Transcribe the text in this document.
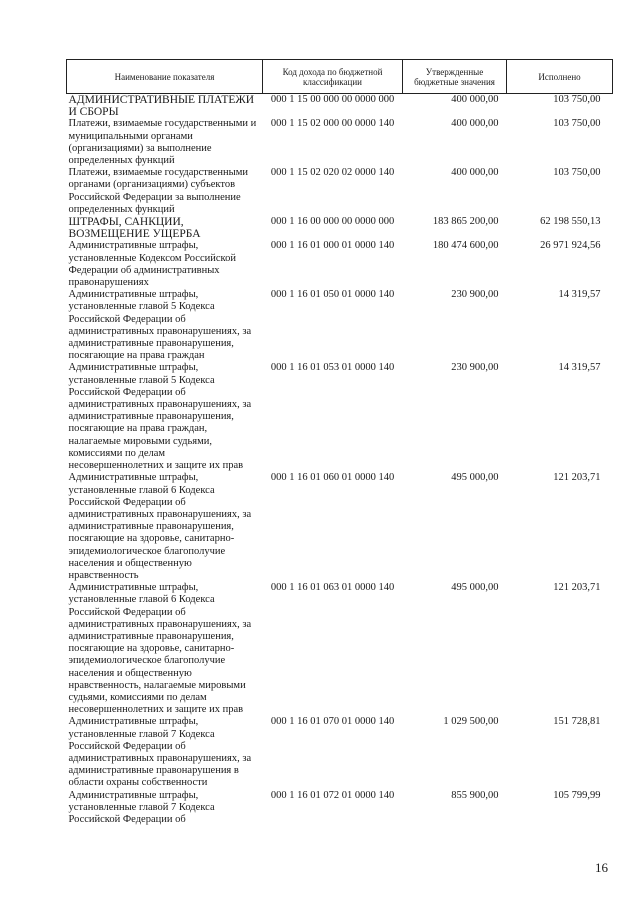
Наименование показателя	Код дохода по бюджетной классификации	Утвержденные бюджетные значения	Исполнено
АДМИНИСТРАТИВНЫЕ ПЛАТЕЖИ И СБОРЫ	000 1 15 00 000 00 0000 000	400 000,00	103 750,00
Платежи, взимаемые государственными и муниципальными органами (организациями) за выполнение определенных функций	000 1 15 02 000 00 0000 140	400 000,00	103 750,00
Платежи, взимаемые государственными органами (организациями) субъектов Российской Федерации за выполнение определенных функций	000 1 15 02 020 02 0000 140	400 000,00	103 750,00
ШТРАФЫ, САНКЦИИ, ВОЗМЕЩЕНИЕ УЩЕРБА	000 1 16 00 000 00 0000 000	183 865 200,00	62 198 550,13
Административные штрафы, установленные Кодексом Российской Федерации об административных правонарушениях	000 1 16 01 000 01 0000 140	180 474 600,00	26 971 924,56
Административные штрафы, установленные главой 5 Кодекса Российской Федерации об административных правонарушениях, за административные правонарушения, посягающие на права граждан	000 1 16 01 050 01 0000 140	230 900,00	14 319,57
Административные штрафы, установленные главой 5 Кодекса Российской Федерации об административных правонарушениях, за административные правонарушения, посягающие на права граждан, налагаемые мировыми судьями, комиссиями по делам несовершеннолетних и защите их прав	000 1 16 01 053 01 0000 140	230 900,00	14 319,57
Административные штрафы, установленные главой 6 Кодекса Российской Федерации об административных правонарушениях, за административные правонарушения, посягающие на здоровье, санитарно-эпидемиологическое благополучие населения и общественную нравственность	000 1 16 01 060 01 0000 140	495 000,00	121 203,71
Административные штрафы, установленные главой 6 Кодекса Российской Федерации об административных правонарушениях, за административные правонарушения, посягающие на здоровье, санитарно-эпидемиологическое благополучие населения и общественную нравственность, налагаемые мировыми судьями, комиссиями по делам несовершеннолетних и защите их прав	000 1 16 01 063 01 0000 140	495 000,00	121 203,71
Административные штрафы, установленные главой 7 Кодекса Российской Федерации об административных правонарушениях, за административные правонарушения в области охраны собственности	000 1 16 01 070 01 0000 140	1 029 500,00	151 728,81
Административные штрафы, установленные главой 7 Кодекса Российской Федерации об	000 1 16 01 072 01 0000 140	855 900,00	105 799,99
16
